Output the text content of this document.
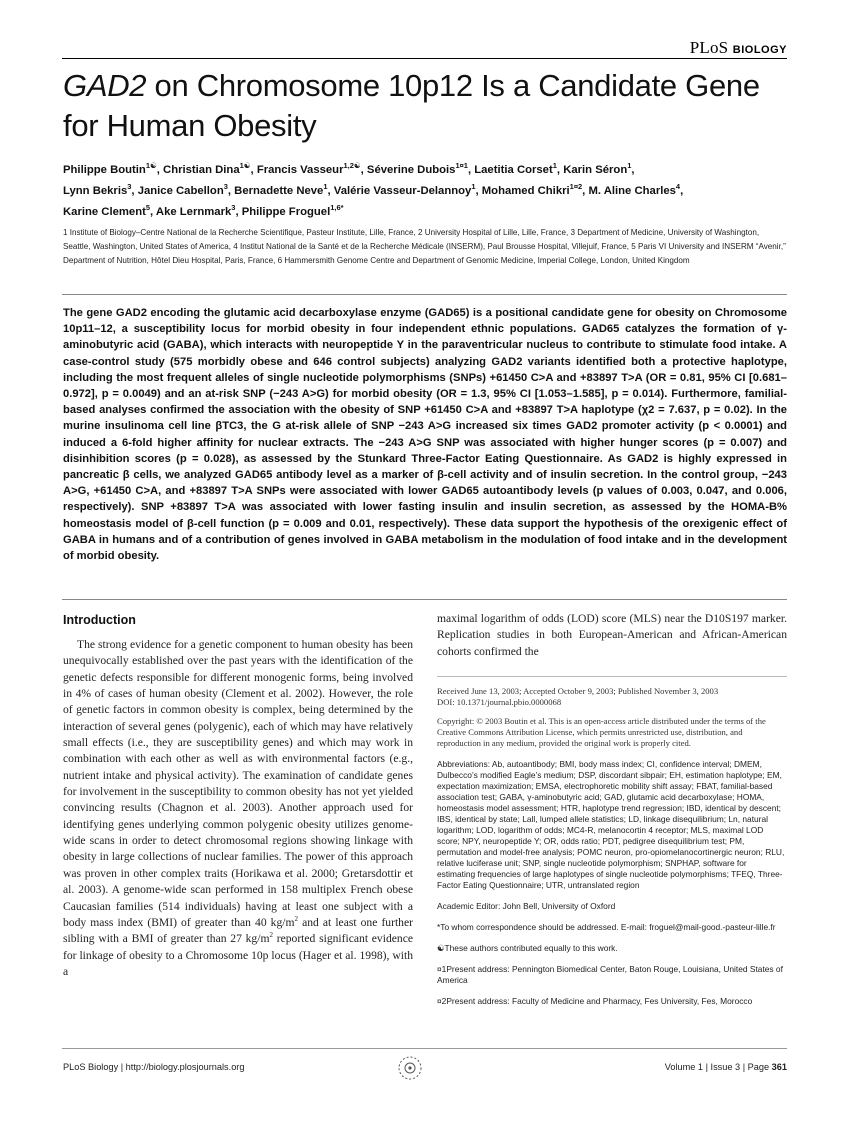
PLoS BIOLOGY
GAD2 on Chromosome 10p12 Is a Candidate Gene for Human Obesity
Philippe Boutin$^{1☯}$, Christian Dina$^{1☯}$, Francis Vasseur$^{1,2☯}$, Séverine Dubois$^{1¤1}$, Laetitia Corset$^1$, Karin Séron$^1$,
Lynn Bekris$^3$, Janice Cabellon$^3$, Bernadette Neve$^1$, Valérie Vasseur-Delannoy$^1$, Mohamed Chikri$^{1¤2}$, M. Aline Charles$^4$,
Karine Clement$^5$, Ake Lernmark$^3$, Philippe Froguel$^{1,6*}$
1 Institute of Biology–Centre National de la Recherche Scientifique, Pasteur Institute, Lille, France, 2 University Hospital of Lille, Lille, France, 3 Department of Medicine, University of Washington, Seattle, Washington, United States of America, 4 Institut National de la Santé et de la Recherche Médicale (INSERM), Paul Brousse Hospital, Villejuif, France, 5 Paris VI University and INSERM “Avenir,” Department of Nutrition, Hôtel Dieu Hospital, Paris, France, 6 Hammersmith Genome Centre and Department of Genomic Medicine, Imperial College, London, United Kingdom

The gene GAD2 encoding the glutamic acid decarboxylase enzyme (GAD65) is a positional candidate gene for obesity on Chromosome 10p11–12, a susceptibility locus for morbid obesity in four independent ethnic populations. GAD65 catalyzes the formation of γ-aminobutyric acid (GABA), which interacts with neuropeptide Y in the paraventricular nucleus to contribute to stimulate food intake. A case-control study (575 morbidly obese and 646 control subjects) analyzing GAD2 variants identified both a protective haplotype, including the most frequent alleles of single nucleotide polymorphisms (SNPs) +61450 C>A and +83897 T>A (OR = 0.81, 95% CI [0.681–0.972], p = 0.0049) and an at-risk SNP (−243 A>G) for morbid obesity (OR = 1.3, 95% CI [1.053–1.585], p = 0.014). Furthermore, familial-based analyses confirmed the association with the obesity of SNP +61450 C>A and +83897 T>A haplotype (χ2 = 7.637, p = 0.02). In the murine insulinoma cell line βTC3, the G at-risk allele of SNP −243 A>G increased six times GAD2 promoter activity (p < 0.0001) and induced a 6-fold higher affinity for nuclear extracts. The −243 A>G SNP was associated with higher hunger scores (p = 0.007) and disinhibition scores (p = 0.028), as assessed by the Stunkard Three-Factor Eating Questionnaire. As GAD2 is highly expressed in pancreatic β cells, we analyzed GAD65 antibody level as a marker of β-cell activity and of insulin secretion. In the control group, −243 A>G, +61450 C>A, and +83897 T>A SNPs were associated with lower GAD65 autoantibody levels (p values of 0.003, 0.047, and 0.006, respectively). SNP +83897 T>A was associated with lower fasting insulin and insulin secretion, as assessed by the HOMA-B% homeostasis model of β-cell function (p = 0.009 and 0.01, respectively). These data support the hypothesis of the orexigenic effect of GABA in humans and of a contribution of genes involved in GABA metabolism in the modulation of food intake and in the development of morbid obesity.

Introduction

The strong evidence for a genetic component to human obesity has been unequivocally established over the past years with the identification of the genetic defects responsible for different monogenic forms, being involved in 4% of cases of human obesity (Clement et al. 2002). However, the role of genetic factors in common obesity is complex, being determined by the interaction of several genes (polygenic), each of which may have relatively small effects (i.e., they are susceptibility genes) and which may work in combination with each other as well as with environmental factors (e.g., nutrient intake and physical activity). The examination of candidate genes for involvement in the susceptibility to common obesity has not yet yielded convincing results (Chagnon et al. 2003). Another approach used for identifying genes underlying common polygenic obesity utilizes genome-wide scans in order to detect chromosomal regions showing linkage with obesity in large collections of nuclear families. The power of this approach was proven in other complex traits (Horikawa et al. 2000; Gretarsdottir et al. 2003). A genome-wide scan performed in 158 multiplex French obese Caucasian families (514 individuals) having at least one subject with a body mass index (BMI) of greater than 40 $kg/m^2$ and at least one further sibling with a BMI of greater than 27 $kg/m^2$ reported significant evidence for linkage of obesity to a Chromosome 10p locus (Hager et al. 1998), with a

maximal logarithm of odds (LOD) score (MLS) near the D10S197 marker. Replication studies in both European-American and African-American cohorts confirmed the

Received June 13, 2003; Accepted October 9, 2003; Published November 3, 2003

DOI: 10.1371/journal.pbio.0000068

Copyright: © 2003 Boutin et al. This is an open-access article distributed under the terms of the Creative Commons Attribution License, which permits unrestricted use, distribution, and reproduction in any medium, provided the original work is properly cited.

Abbreviations: Ab, autoantibody; BMI, body mass index; CI, confidence interval; DMEM, Dulbecco’s modified Eagle’s medium; DSP, discordant sibpair; EH, estimation haplotype; EM, expectation maximization; EMSA, electrophoretic mobility shift assay; FBAT, familial-based association test; GABA, γ-aminobutyric acid; GAD, glutamic acid decarboxylase; HOMA, homeostasis model assessment; HTR, haplotype trend regression; IBD, identical by descent; IBS, identical by state; Lall, lumped allele statistics; LD, linkage disequilibrium; Ln, natural logarithm; LOD, logarithm of odds; MC4-R, melanocortin 4 receptor; MLS, maximal LOD score; NPY, neuropeptide Y; OR, odds ratio; PDT, pedigree disequilibrium test; PM, permutation and model-free analysis; POMC neuron, pro-opiomelanocortinergic neuron; RLU, relative luciferase unit; SNP, single nucleotide polymorphism; SNPHAP, software for estimating frequencies of large haplotypes of single nucleotide polymorphisms; TFEQ, Three-Factor Eating Questionnaire; UTR, untranslated region

Academic Editor: John Bell, University of Oxford

*To whom correspondence should be addressed. E-mail: froguel@mail-good.-pasteur-lille.fr

☯These authors contributed equally to this work.

¤1Present address: Pennington Biomedical Center, Baton Rouge, Louisiana, United States of America

¤2Present address: Faculty of Medicine and Pharmacy, Fes University, Fes, Morocco

PLoS Biology | http://biology.plosjournals.org	Volume 1 | Issue 3 | Page 361
